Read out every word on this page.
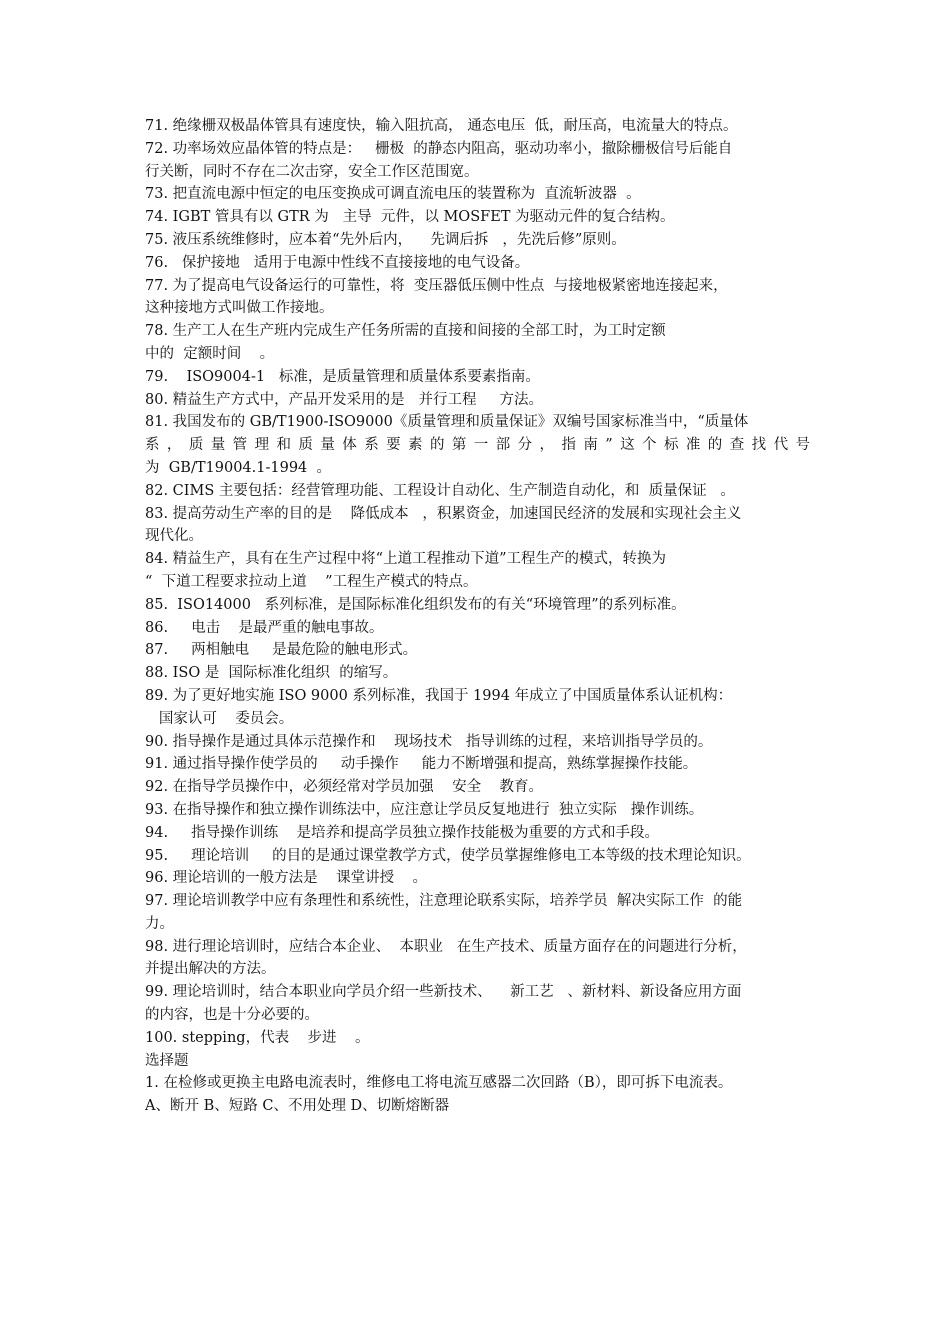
71. 绝缘栅双极晶体管具有速度快，输入阻抗高， 通态电压  低，耐压高，电流量大的特点。
72. 功率场效应晶体管的特点是：   栅极  的静态内阻高，驱动功率小，撤除栅极信号后能自
行关断，同时不存在二次击穿，安全工作区范围宽。
73. 把直流电源中恒定的电压变换成可调直流电压的装置称为  直流斩波器  。
74. IGBT 管具有以 GTR 为   主导  元件，以 MOSFET 为驱动元件的复合结构。
75. 液压系统维修时，应本着“先外后内，    先调后拆   ，先洗后修”原则。
76.   保护接地   适用于电源中性线不直接接地的电气设备。
77. 为了提高电气设备运行的可靠性，将  变压器低压侧中性点  与接地极紧密地连接起来，
这种接地方式叫做工作接地。
78. 生产工人在生产班内完成生产任务所需的直接和间接的全部工时，为工时定额
中的  定额时间    。
79.    ISO9004-1   标准，是质量管理和质量体系要素指南。
80. 精益生产方式中，产品开发采用的是   并行工程     方法。
81. 我国发布的 GB/T1900-ISO9000《质量管理和质量保证》双编号国家标准当中，“质量体
系，质量管理和质量体系要素的第一部分，指南”这个标准的查找代号
为  GB/T19004.1-1994  。
82. CIMS 主要包括：经营管理功能、工程设计自动化、生产制造自动化，和  质量保证   。
83. 提高劳动生产率的目的是    降低成本   ，积累资金，加速国民经济的发展和实现社会主义
现代化。
84. 精益生产，具有在生产过程中将“上道工程推动下道”工程生产的模式，转换为
“  下道工程要求拉动上道    ”工程生产模式的特点。
85.  ISO14000   系列标准，是国际标准化组织发布的有关“环境管理”的系列标准。
86.     电击    是最严重的触电事故。
87.     两相触电     是最危险的触电形式。
88. ISO 是  国际标准化组织  的缩写。
89. 为了更好地实施 ISO 9000 系列标准，我国于 1994 年成立了中国质量体系认证机构：
国家认可    委员会。
90. 指导操作是通过具体示范操作和    现场技术   指导训练的过程，来培训指导学员的。
91. 通过指导操作使学员的     动手操作     能力不断增强和提高，熟练掌握操作技能。
92. 在指导学员操作中，必须经常对学员加强    安全    教育。
93. 在指导操作和独立操作训练法中，应注意让学员反复地进行  独立实际   操作训练。
94.     指导操作训练    是培养和提高学员独立操作技能极为重要的方式和手段。
95.     理论培训     的目的是通过课堂教学方式，使学员掌握维修电工本等级的技术理论知识。
96. 理论培训的一般方法是    课堂讲授    。
97. 理论培训教学中应有条理性和系统性，注意理论联系实际，培养学员  解决实际工作  的能
力。
98. 进行理论培训时，应结合本企业、  本职业   在生产技术、质量方面存在的问题进行分析，
并提出解决的方法。
99. 理论培训时，结合本职业向学员介绍一些新技术、    新工艺   、新材料、新设备应用方面
的内容，也是十分必要的。
100. stepping，代表    步进    。
选择题
1. 在检修或更换主电路电流表时，维修电工将电流互感器二次回路（B），即可拆下电流表。
A、断开 B、短路 C、不用处理 D、切断熔断器
